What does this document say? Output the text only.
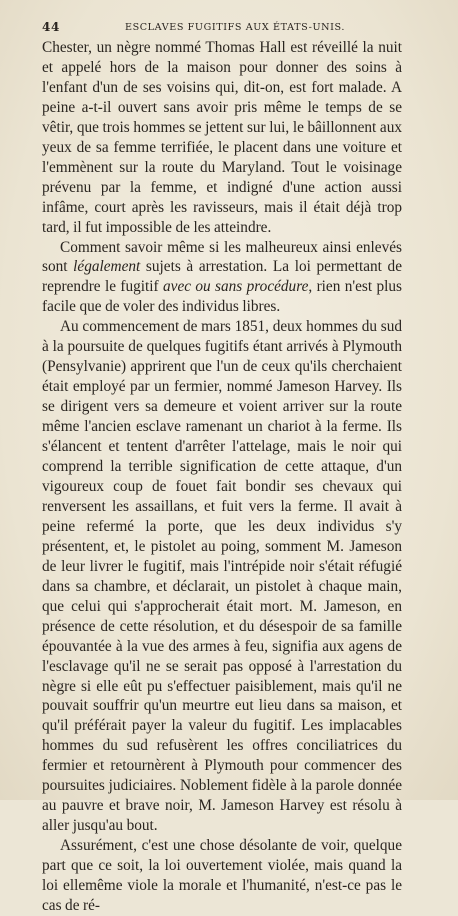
44	ESCLAVES FUGITIFS AUX ÉTATS-UNIS.

Chester, un nègre nommé Thomas Hall est réveillé la nuit et appelé hors de la maison pour donner des soins à l'enfant d'un de ses voisins qui, dit-on, est fort malade. A peine a-t-il ouvert sans avoir pris même le temps de se vêtir, que trois hommes se jettent sur lui, le bâillonnent aux yeux de sa femme terrifiée, le placent dans une voiture et l'emmènent sur la route du Maryland. Tout le voisinage prévenu par la femme, et indigné d'une action aussi infâme, court après les ravisseurs, mais il était déjà trop tard, il fut impossible de les atteindre.

Comment savoir même si les malheureux ainsi enlevés sont légalement sujets à arrestation. La loi permettant de reprendre le fugitif avec ou sans procédure, rien n'est plus facile que de voler des individus libres.

Au commencement de mars 1851, deux hommes du sud à la poursuite de quelques fugitifs étant arrivés à Plymouth (Pensylvanie) apprirent que l'un de ceux qu'ils cherchaient était employé par un fermier, nommé Jameson Harvey. Ils se dirigent vers sa demeure et voient arriver sur la route même l'ancien esclave ramenant un chariot à la ferme. Ils s'élancent et tentent d'arrêter l'attelage, mais le noir qui comprend la terrible signification de cette attaque, d'un vigoureux coup de fouet fait bondir ses chevaux qui renversent les assaillans, et fuit vers la ferme. Il avait à peine refermé la porte, que les deux individus s'y présentent, et, le pistolet au poing, somment M. Jameson de leur livrer le fugitif, mais l'intrépide noir s'était réfugié dans sa chambre, et déclarait, un pistolet à chaque main, que celui qui s'approcherait était mort. M. Jameson, en présence de cette résolution, et du désespoir de sa famille épouvantée à la vue des armes à feu, signifia aux agens de l'esclavage qu'il ne se serait pas opposé à l'arrestation du nègre si elle eût pu s'effectuer paisiblement, mais qu'il ne pouvait souffrir qu'un meurtre eut lieu dans sa maison, et qu'il préférait payer la valeur du fugitif. Les implacables hommes du sud refusèrent les offres conciliatrices du fermier et retournèrent à Plymouth pour commencer des poursuites judiciaires. Noblement fidèle à la parole donnée au pauvre et brave noir, M. Jameson Harvey est résolu à aller jusqu'au bout.

Assurément, c'est une chose désolante de voir, quelque part que ce soit, la loi ouvertement violée, mais quand la loi ellemême viole la morale et l'humanité, n'est-ce pas le cas de ré-
